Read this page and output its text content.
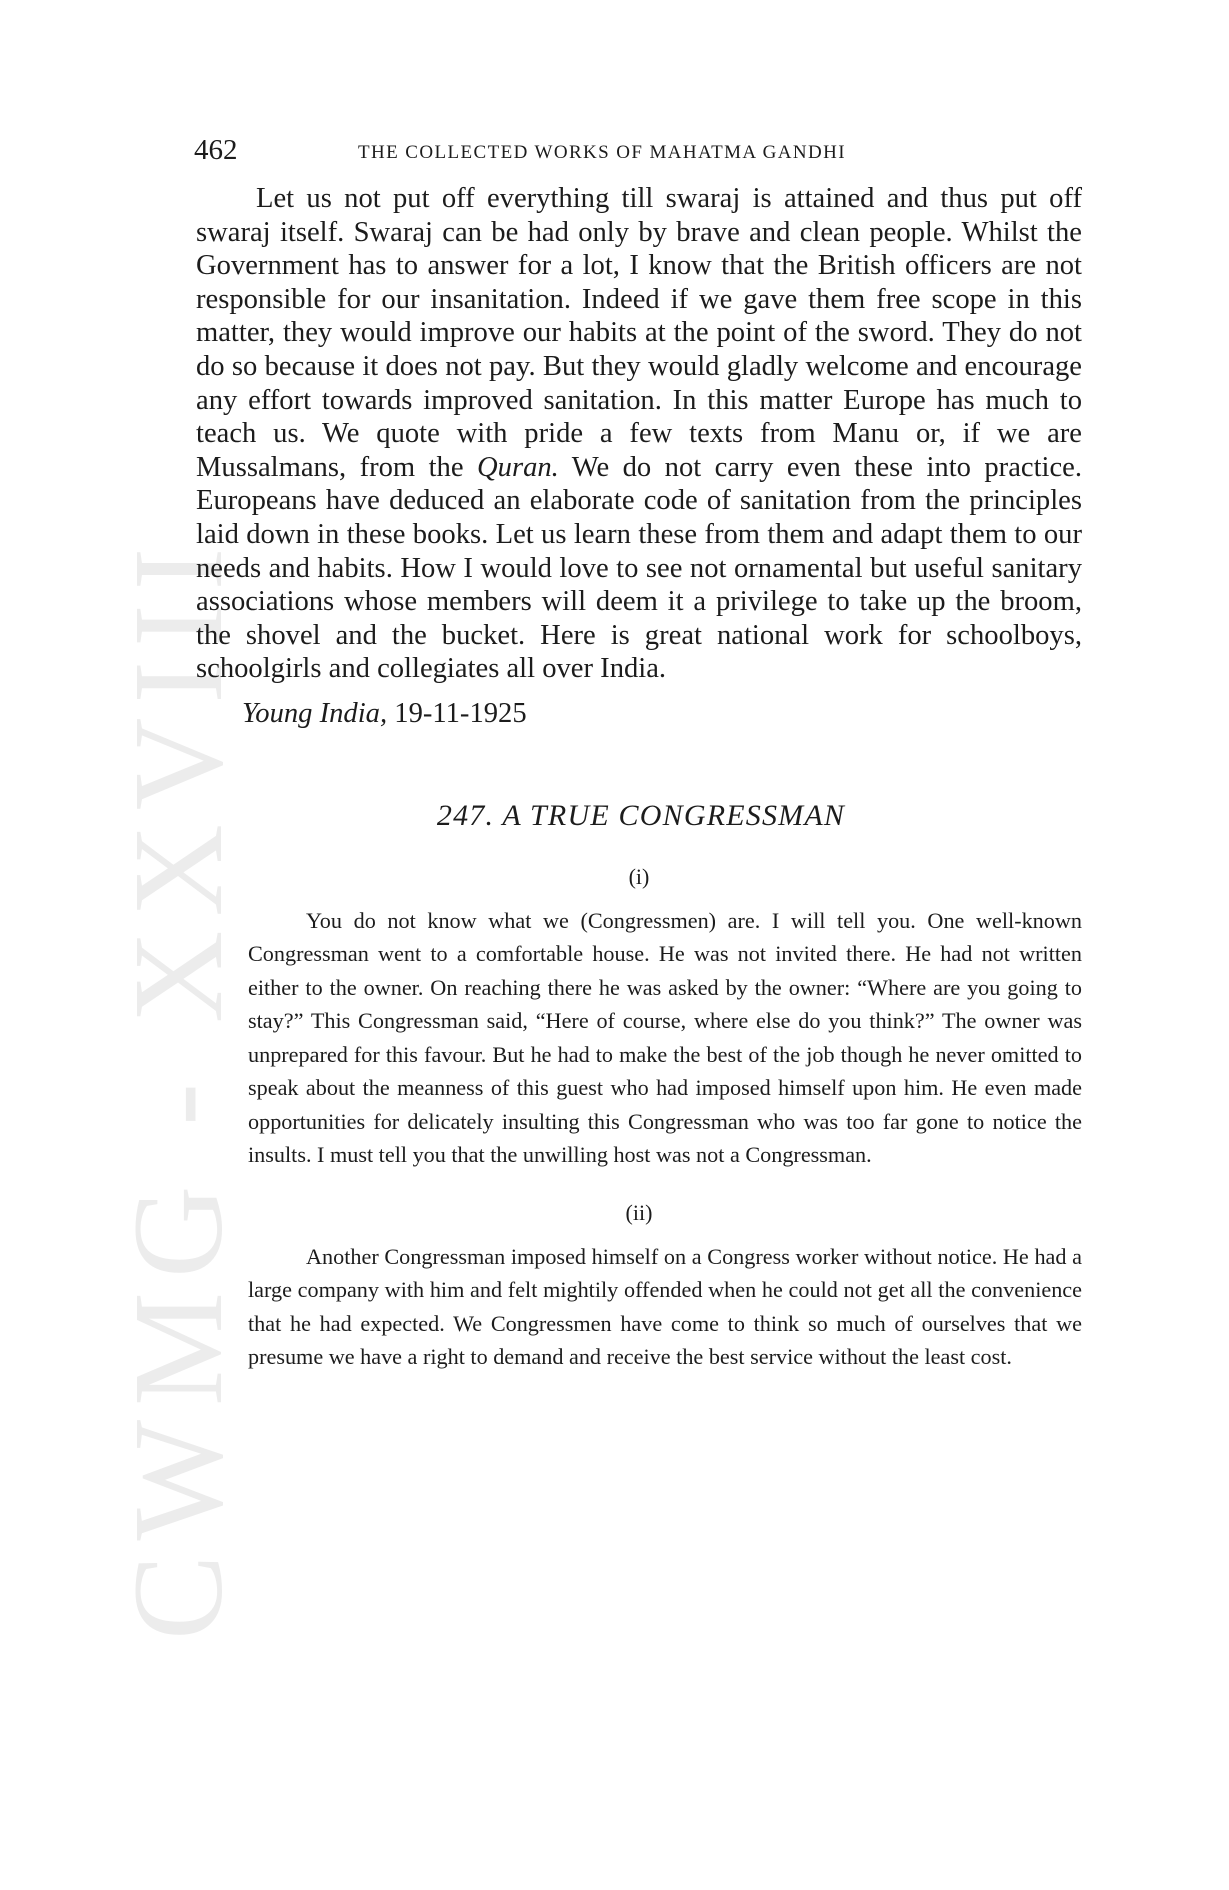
CWMG - XXVIII
462	THE COLLECTED WORKS OF MAHATMA GANDHI

Let us not put off everything till swaraj is attained and thus put off swaraj itself. Swaraj can be had only by brave and clean people. Whilst the Government has to answer for a lot, I know that the British officers are not responsible for our insanitation. Indeed if we gave them free scope in this matter, they would improve our habits at the point of the sword. They do not do so because it does not pay. But they would gladly welcome and encourage any effort towards improved sanitation. In this matter Europe has much to teach us. We quote with pride a few texts from Manu or, if we are Mussalmans, from the Quran. We do not carry even these into practice. Europeans have deduced an elaborate code of sanitation from the principles laid down in these books. Let us learn these from them and adapt them to our needs and habits. How I would love to see not ornamental but useful sanitary associations whose members will deem it a privilege to take up the broom, the shovel and the bucket. Here is great national work for schoolboys, schoolgirls and collegiates all over India.

Young India, 19-11-1925
247. A TRUE CONGRESSMAN
(i)

You do not know what we (Congressmen) are. I will tell you. One well-known Congressman went to a comfortable house. He was not invited there. He had not written either to the owner. On reaching there he was asked by the owner: “Where are you going to stay?” This Congressman said, “Here of course, where else do you think?” The owner was unprepared for this favour. But he had to make the best of the job though he never omitted to speak about the meanness of this guest who had imposed himself upon him. He even made opportunities for delicately insulting this Congressman who was too far gone to notice the insults. I must tell you that the unwilling host was not a Congressman.

(ii)

Another Congressman imposed himself on a Congress worker without notice. He had a large company with him and felt mightily offended when he could not get all the convenience that he had expected. We Congressmen have come to think so much of ourselves that we presume we have a right to demand and receive the best service without the least cost.
